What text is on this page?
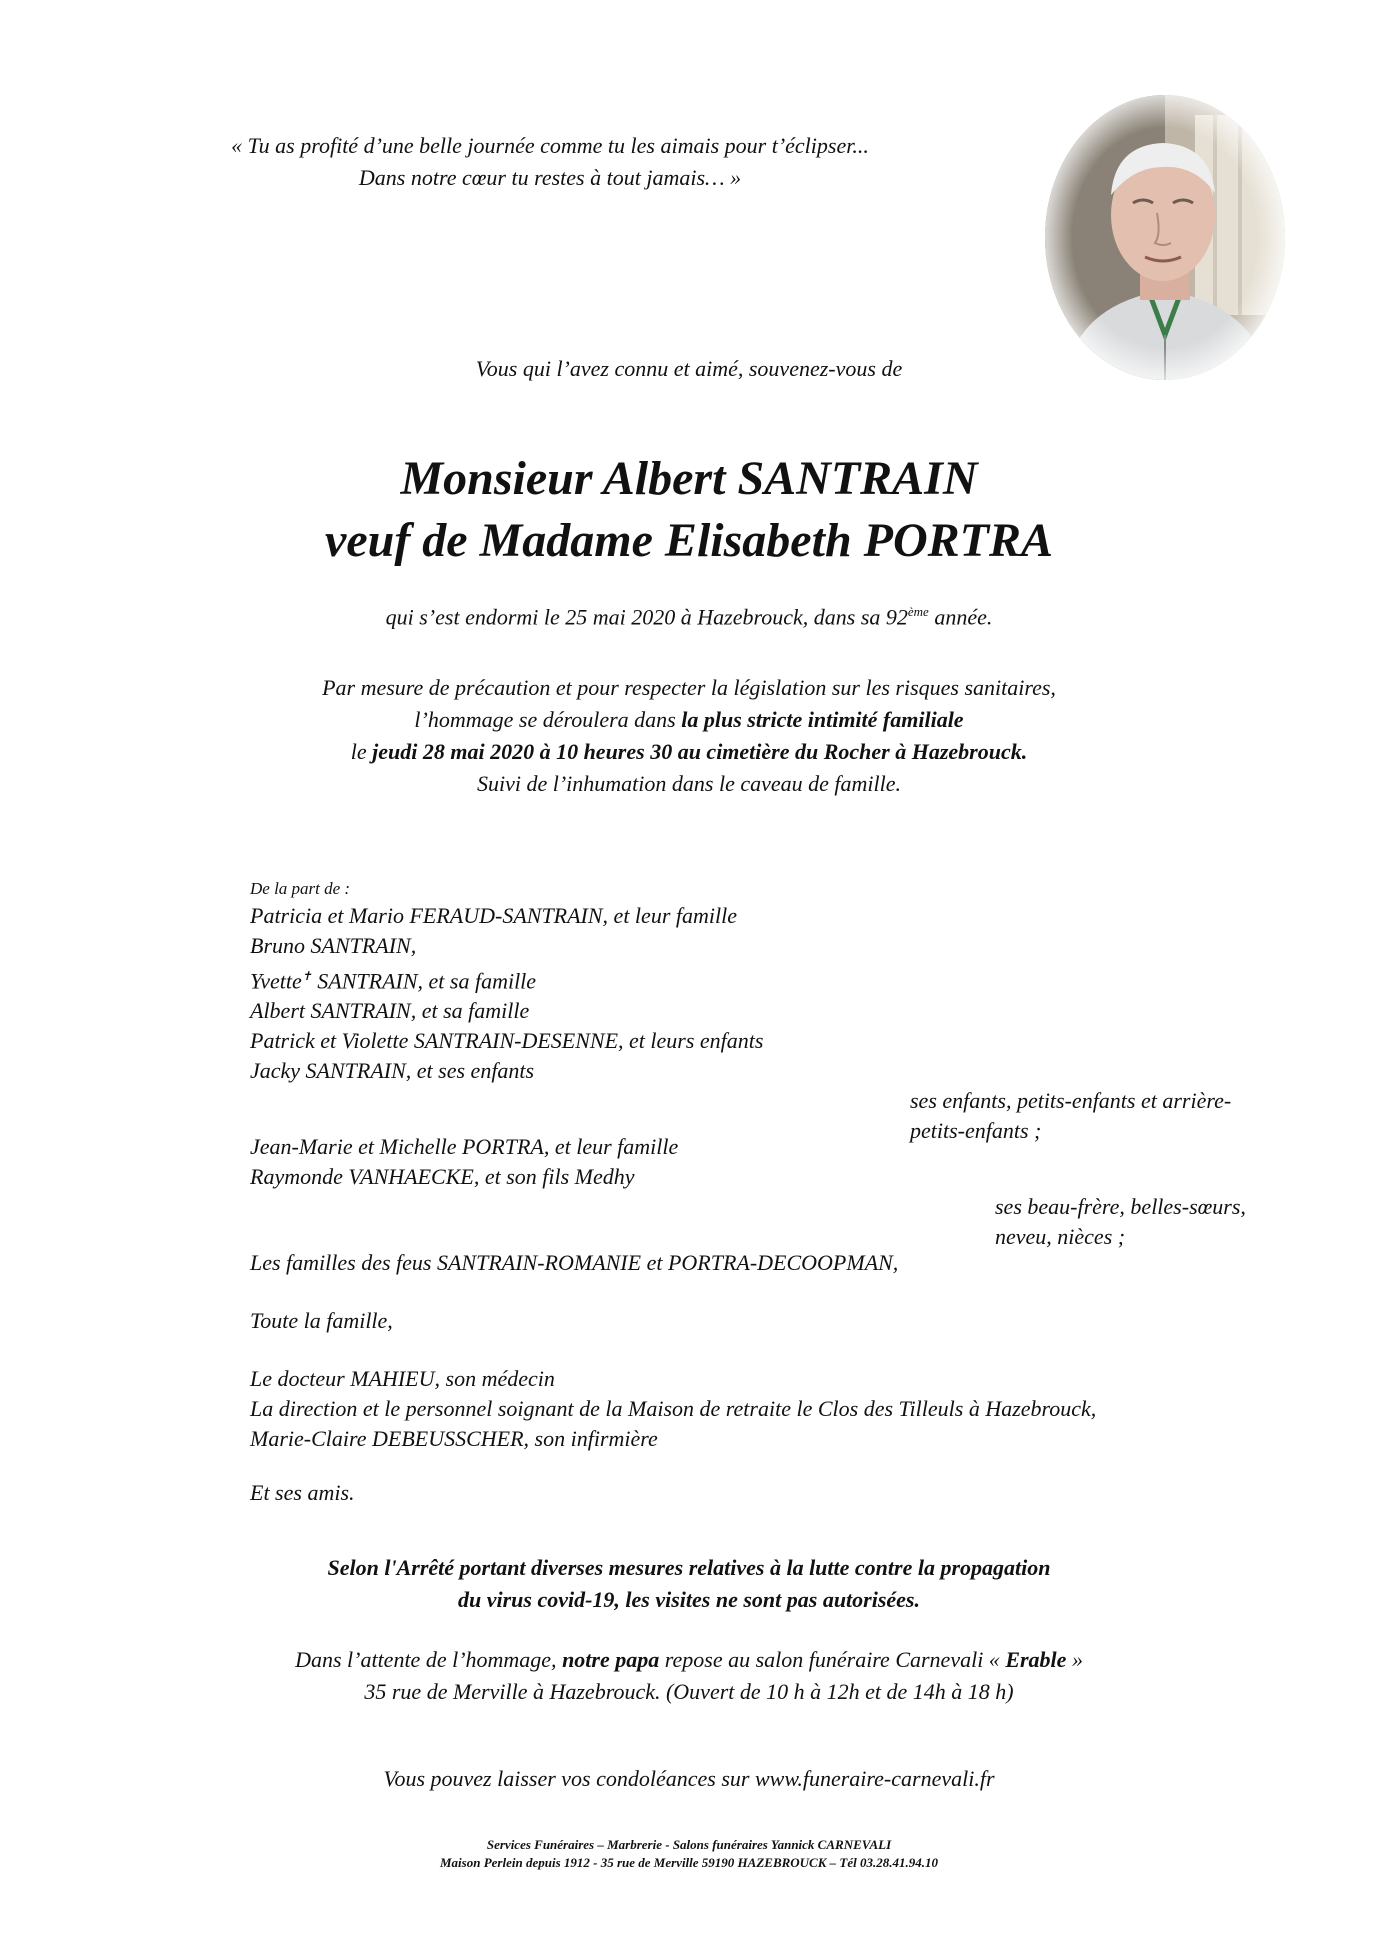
« Tu as profité d’une belle journée comme tu les aimais pour t’éclipser...
Dans notre cœur tu restes à tout jamais… »
Vous qui l’avez connu et aimé, souvenez-vous de
Monsieur Albert SANTRAIN
veuf de Madame Elisabeth PORTRA
qui s’est endormi le 25 mai 2020 à Hazebrouck, dans sa 92ème année.
Par mesure de précaution et pour respecter la législation sur les risques sanitaires,
l’hommage se déroulera dans la plus stricte intimité familiale
le jeudi 28 mai 2020 à 10 heures 30 au cimetière du Rocher à Hazebrouck.
Suivi de l’inhumation dans le caveau de famille.
De la part de :
Patricia et Mario FERAUD-SANTRAIN, et leur famille
Bruno SANTRAIN,
Yvette✝ SANTRAIN, et sa famille
Albert SANTRAIN, et sa famille
Patrick et Violette SANTRAIN-DESENNE, et leurs enfants
Jacky SANTRAIN, et ses enfants
ses enfants, petits-enfants et arrière-petits-enfants ;
Jean-Marie et Michelle PORTRA, et leur famille
Raymonde VANHAECKE, et son fils Medhy
ses beau-frère, belles-sœurs, neveu, nièces ;
Les familles des feus SANTRAIN-ROMANIE et PORTRA-DECOOPMAN,
Toute la famille,
Le docteur MAHIEU, son médecin
La direction et le personnel soignant de la Maison de retraite le Clos des Tilleuls à Hazebrouck,
Marie-Claire DEBEUSSCHER, son infirmière
Et ses amis.
Selon l'Arrêté portant diverses mesures relatives à la lutte contre la propagation
du virus covid-19, les visites ne sont pas autorisées.
Dans l’attente de l’hommage, notre papa repose au salon funéraire Carnevali « Erable »
35 rue de Merville à Hazebrouck. (Ouvert de 10 h à 12h et de 14h à 18 h)
Vous pouvez laisser vos condoléances sur www.funeraire-carnevali.fr
Services Funéraires – Marbrerie - Salons funéraires Yannick CARNEVALI
Maison Perlein depuis 1912 - 35 rue de Merville 59190 HAZEBROUCK – Tél 03.28.41.94.10
